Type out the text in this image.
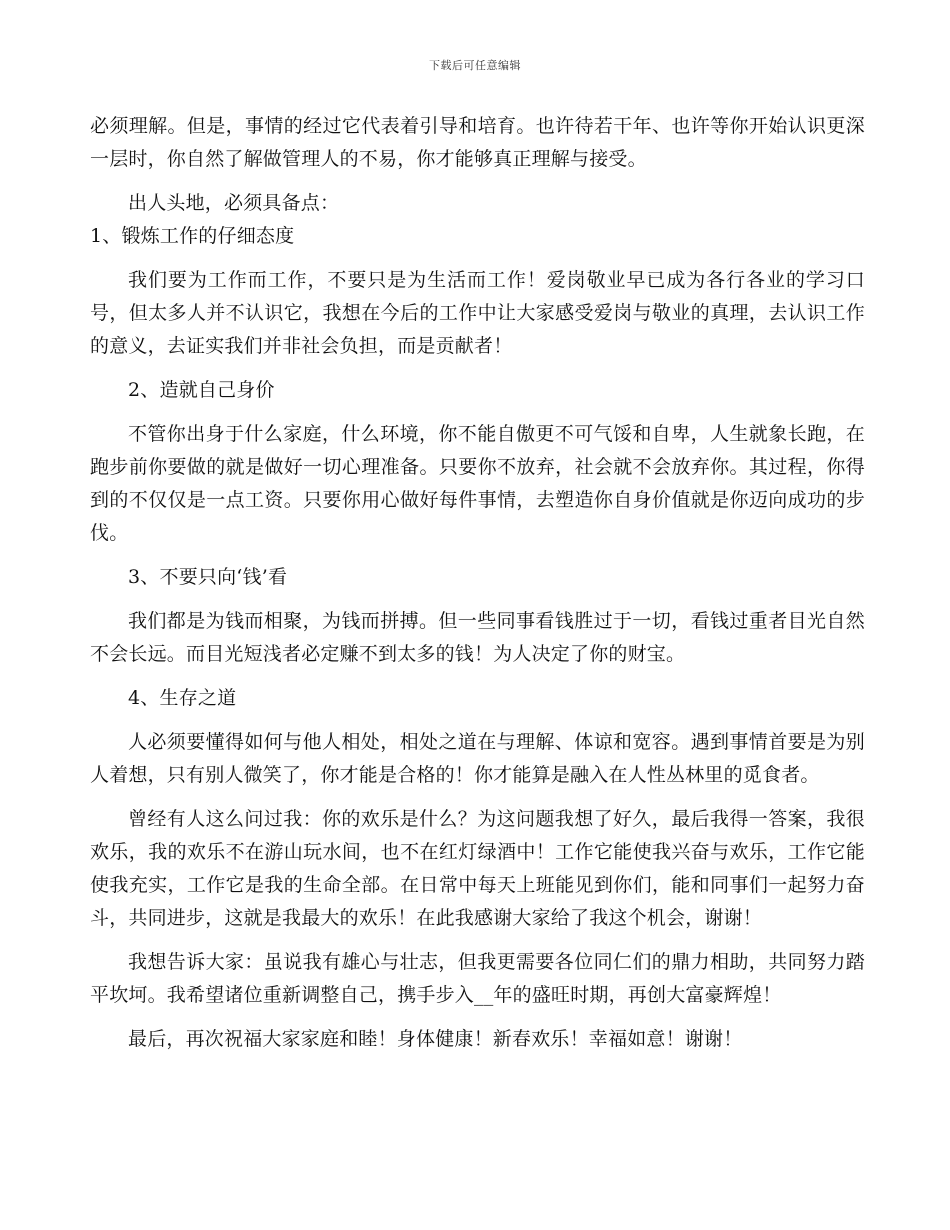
下载后可任意编辑

必须理解。但是，事情的经过它代表着引导和培育。也许待若干年、也许等你开始认识更深一层时，你自然了解做管理人的不易，你才能够真正理解与接受。

出人头地，必须具备点：

1、锻炼工作的仔细态度

我们要为工作而工作，不要只是为生活而工作！爱岗敬业早已成为各行各业的学习口号，但太多人并不认识它，我想在今后的工作中让大家感受爱岗与敬业的真理，去认识工作的意义，去证实我们并非社会负担，而是贡献者！

2、造就自己身价

不管你出身于什么家庭，什么环境，你不能自傲更不可气馁和自卑，人生就象长跑，在跑步前你要做的就是做好一切心理准备。只要你不放弃，社会就不会放弃你。其过程，你得到的不仅仅是一点工资。只要你用心做好每件事情，去塑造你自身价值就是你迈向成功的步伐。

3、不要只向‘钱’看

我们都是为钱而相聚，为钱而拼搏。但一些同事看钱胜过于一切，看钱过重者目光自然不会长远。而目光短浅者必定赚不到太多的钱！为人决定了你的财宝。

4、生存之道

人必须要懂得如何与他人相处，相处之道在与理解、体谅和宽容。遇到事情首要是为别人着想，只有别人微笑了，你才能是合格的！你才能算是融入在人性丛林里的觅食者。

曾经有人这么问过我：你的欢乐是什么？为这问题我想了好久，最后我得一答案，我很欢乐，我的欢乐不在游山玩水间，也不在红灯绿酒中！工作它能使我兴奋与欢乐，工作它能使我充实，工作它是我的生命全部。在日常中每天上班能见到你们，能和同事们一起努力奋斗，共同进步，这就是我最大的欢乐！在此我感谢大家给了我这个机会，谢谢！

我想告诉大家：虽说我有雄心与壮志，但我更需要各位同仁们的鼎力相助，共同努力踏平坎坷。我希望诸位重新调整自己，携手步入__年的盛旺时期，再创大富豪辉煌！

最后，再次祝福大家家庭和睦！身体健康！新春欢乐！幸福如意！谢谢！
